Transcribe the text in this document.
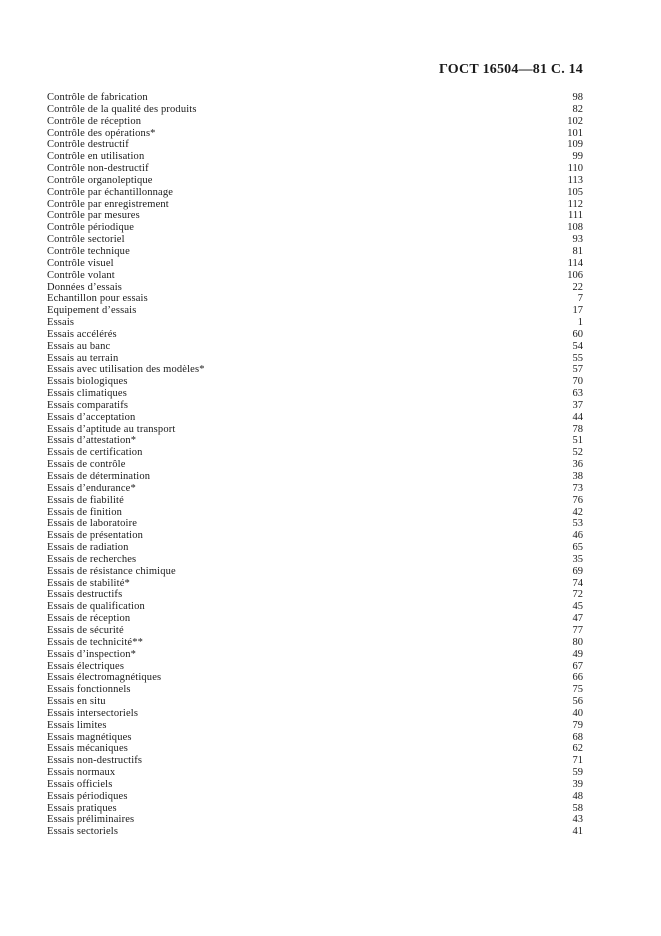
ГОСТ 16504—81 С. 14
Contrôle de fabrication	98
Contrôle de la qualité des produits	82
Contrôle de réception	102
Contrôle des opérations*	101
Contrôle destructif	109
Contrôle en utilisation	99
Contrôle non-destructif	110
Contrôle organoleptique	113
Contrôle par échantillonnage	105
Contrôle par enregistrement	112
Contrôle par mesures	111
Contrôle périodique	108
Contrôle sectoriel	93
Contrôle technique	81
Contrôle visuel	114
Contrôle volant	106
Données d’essais	22
Echantillon pour essais	7
Equipement d’essais	17
Essais	1
Essais accélérés	60
Essais au banc	54
Essais au terrain	55
Essais avec utilisation des modèles*	57
Essais biologiques	70
Essais climatiques	63
Essais comparatifs	37
Essais d’acceptation	44
Essais d’aptitude au transport	78
Essais d’attestation*	51
Essais de certification	52
Essais de contrôle	36
Essais de détermination	38
Essais d’endurance*	73
Essais de fiabilité	76
Essais de finition	42
Essais de laboratoire	53
Essais de présentation	46
Essais de radiation	65
Essais de recherches	35
Essais de résistance chimique	69
Essais de stabilité*	74
Essais destructifs	72
Essais de qualification	45
Essais de réception	47
Essais de sécurité	77
Essais de technicité**	80
Essais d’inspection*	49
Essais électriques	67
Essais électromagnétiques	66
Essais fonctionnels	75
Essais en situ	56
Essais intersectoriels	40
Essais limites	79
Essais magnétiques	68
Essais mécaniques	62
Essais non-destructifs	71
Essais normaux	59
Essais officiels	39
Essais périodiques	48
Essais pratiques	58
Essais préliminaires	43
Essais sectoriels	41
